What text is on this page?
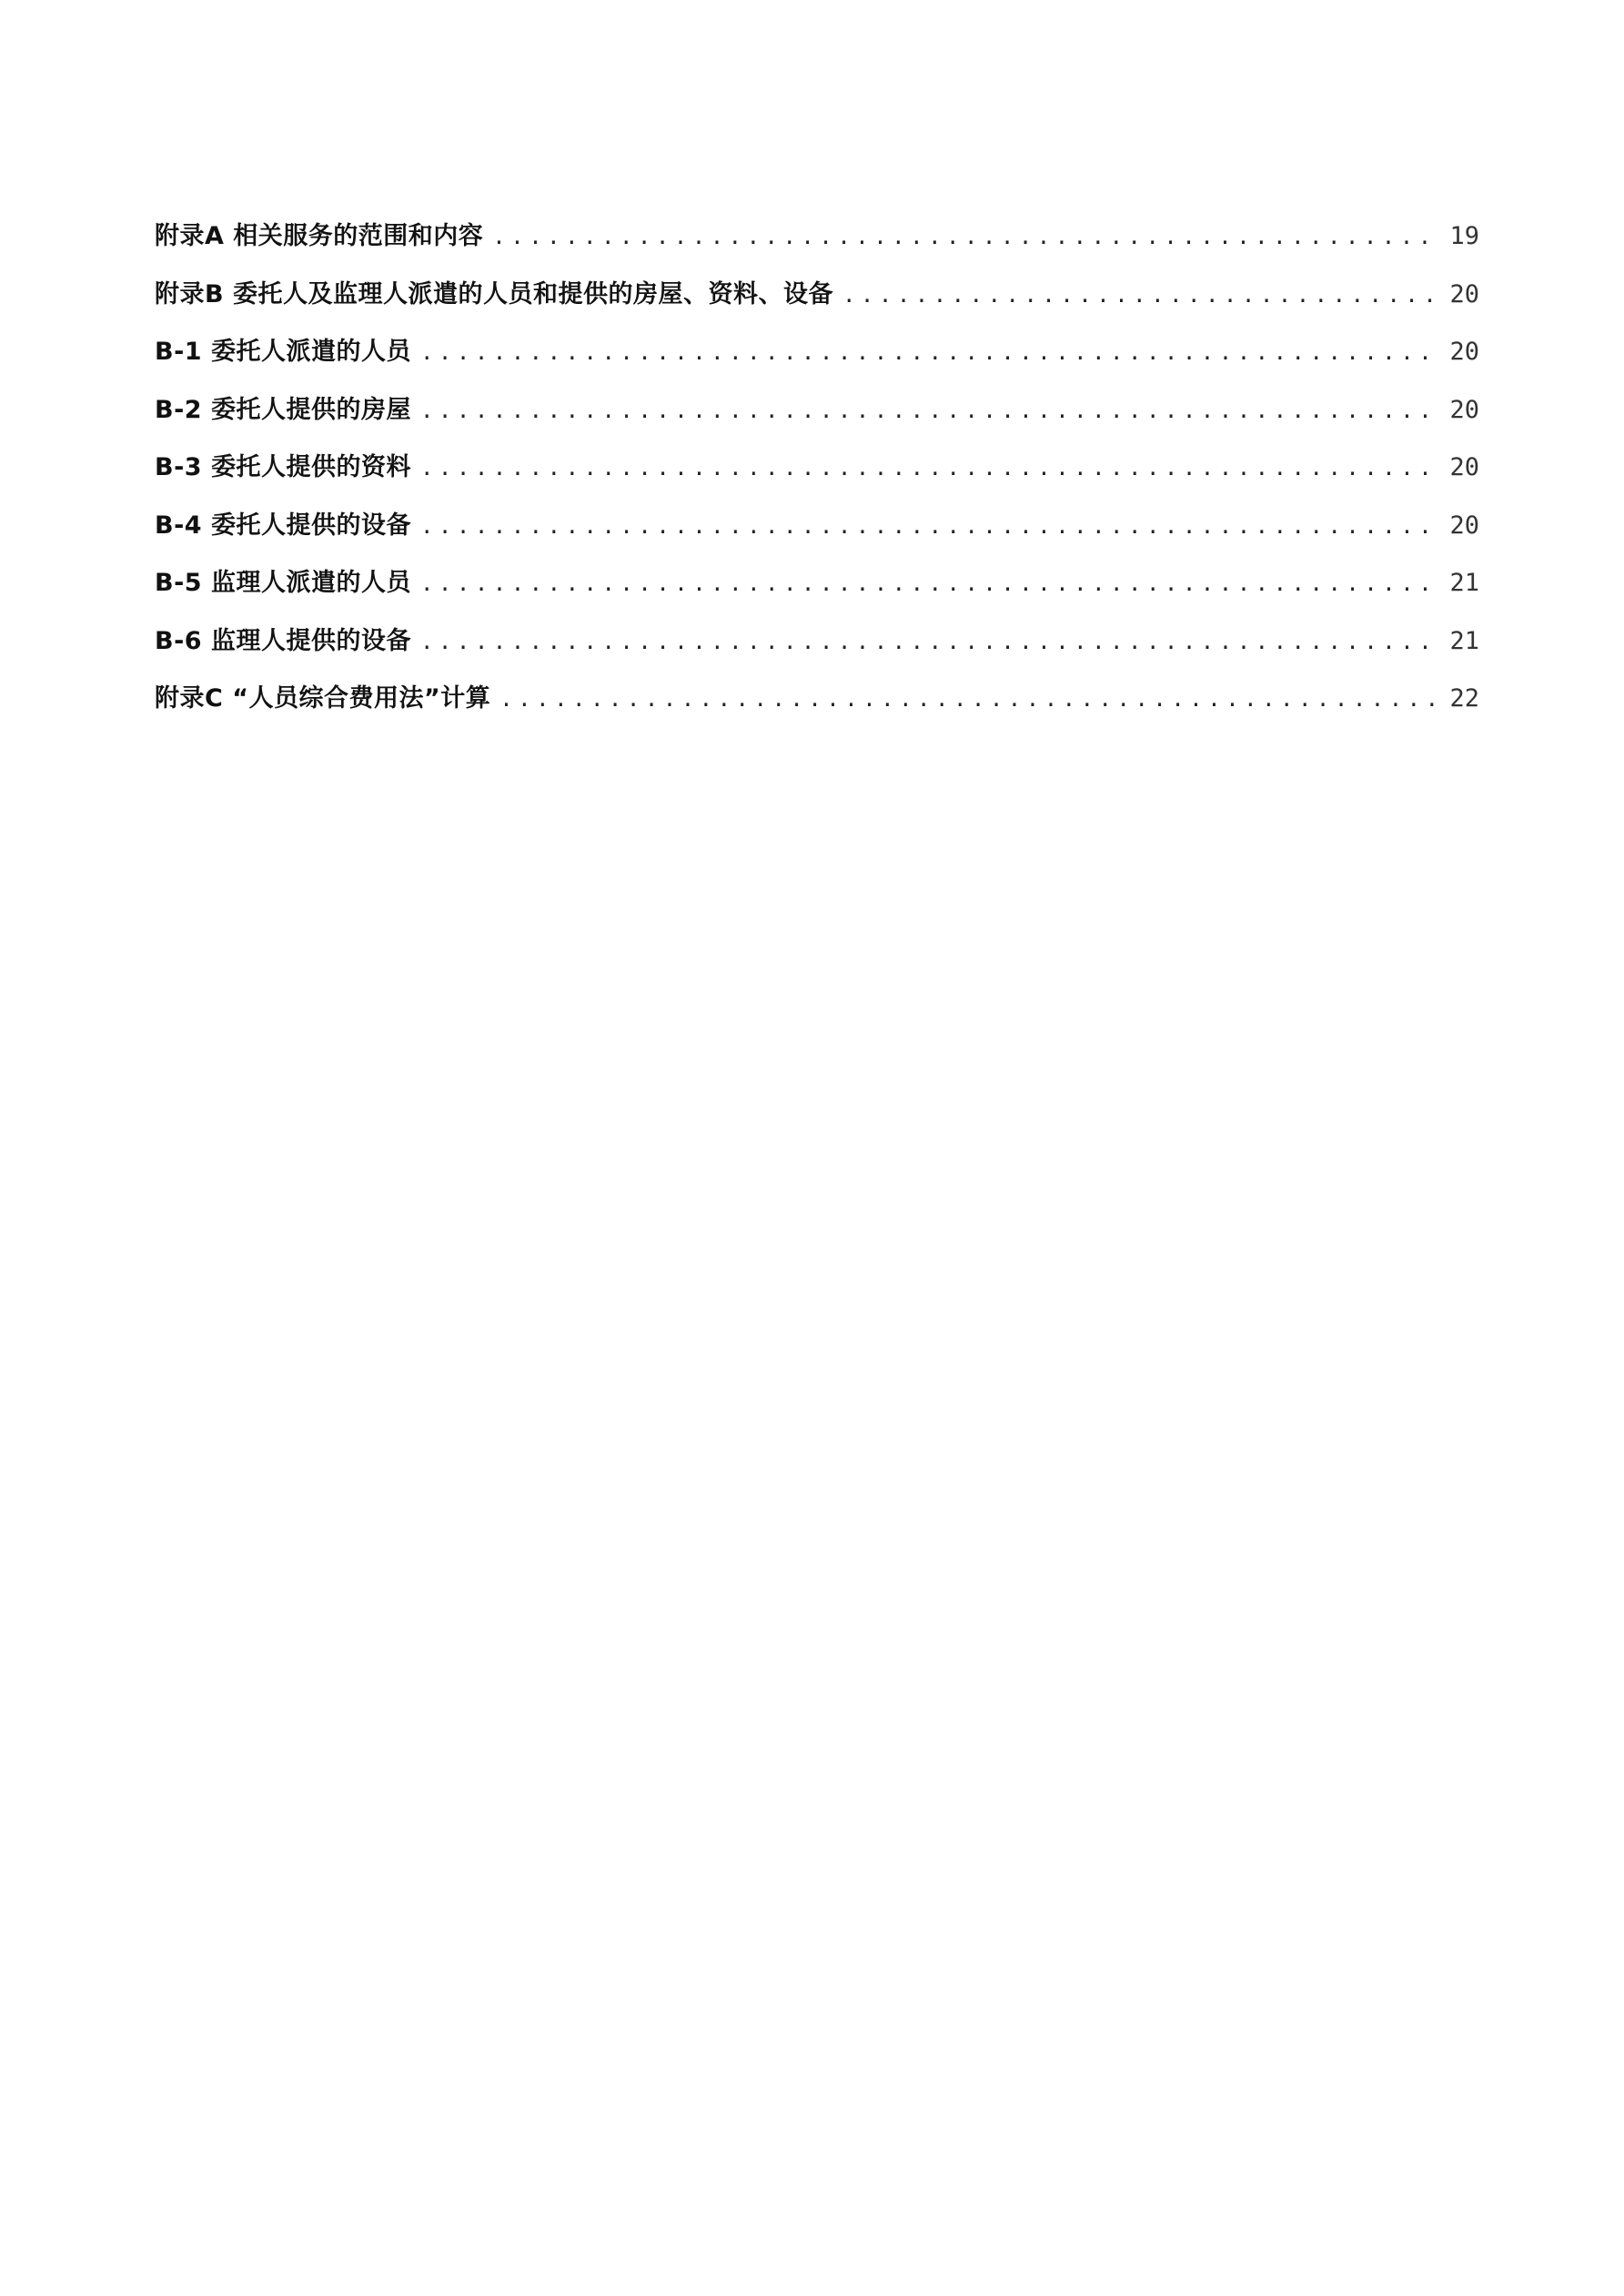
附录A 相关服务的范围和内容 .....	19
附录B 委托人及监理人派遣的人员和提供的房屋、资料、设备 .....	20
B-1 委托人派遣的人员 .....	20
B-2 委托人提供的房屋 .....	20
B-3 委托人提供的资料 .....	20
B-4 委托人提供的设备 .....	20
B-5 监理人派遣的人员 .....	21
B-6 监理人提供的设备 .....	21
附录C “人员综合费用法”计算 .....	22
